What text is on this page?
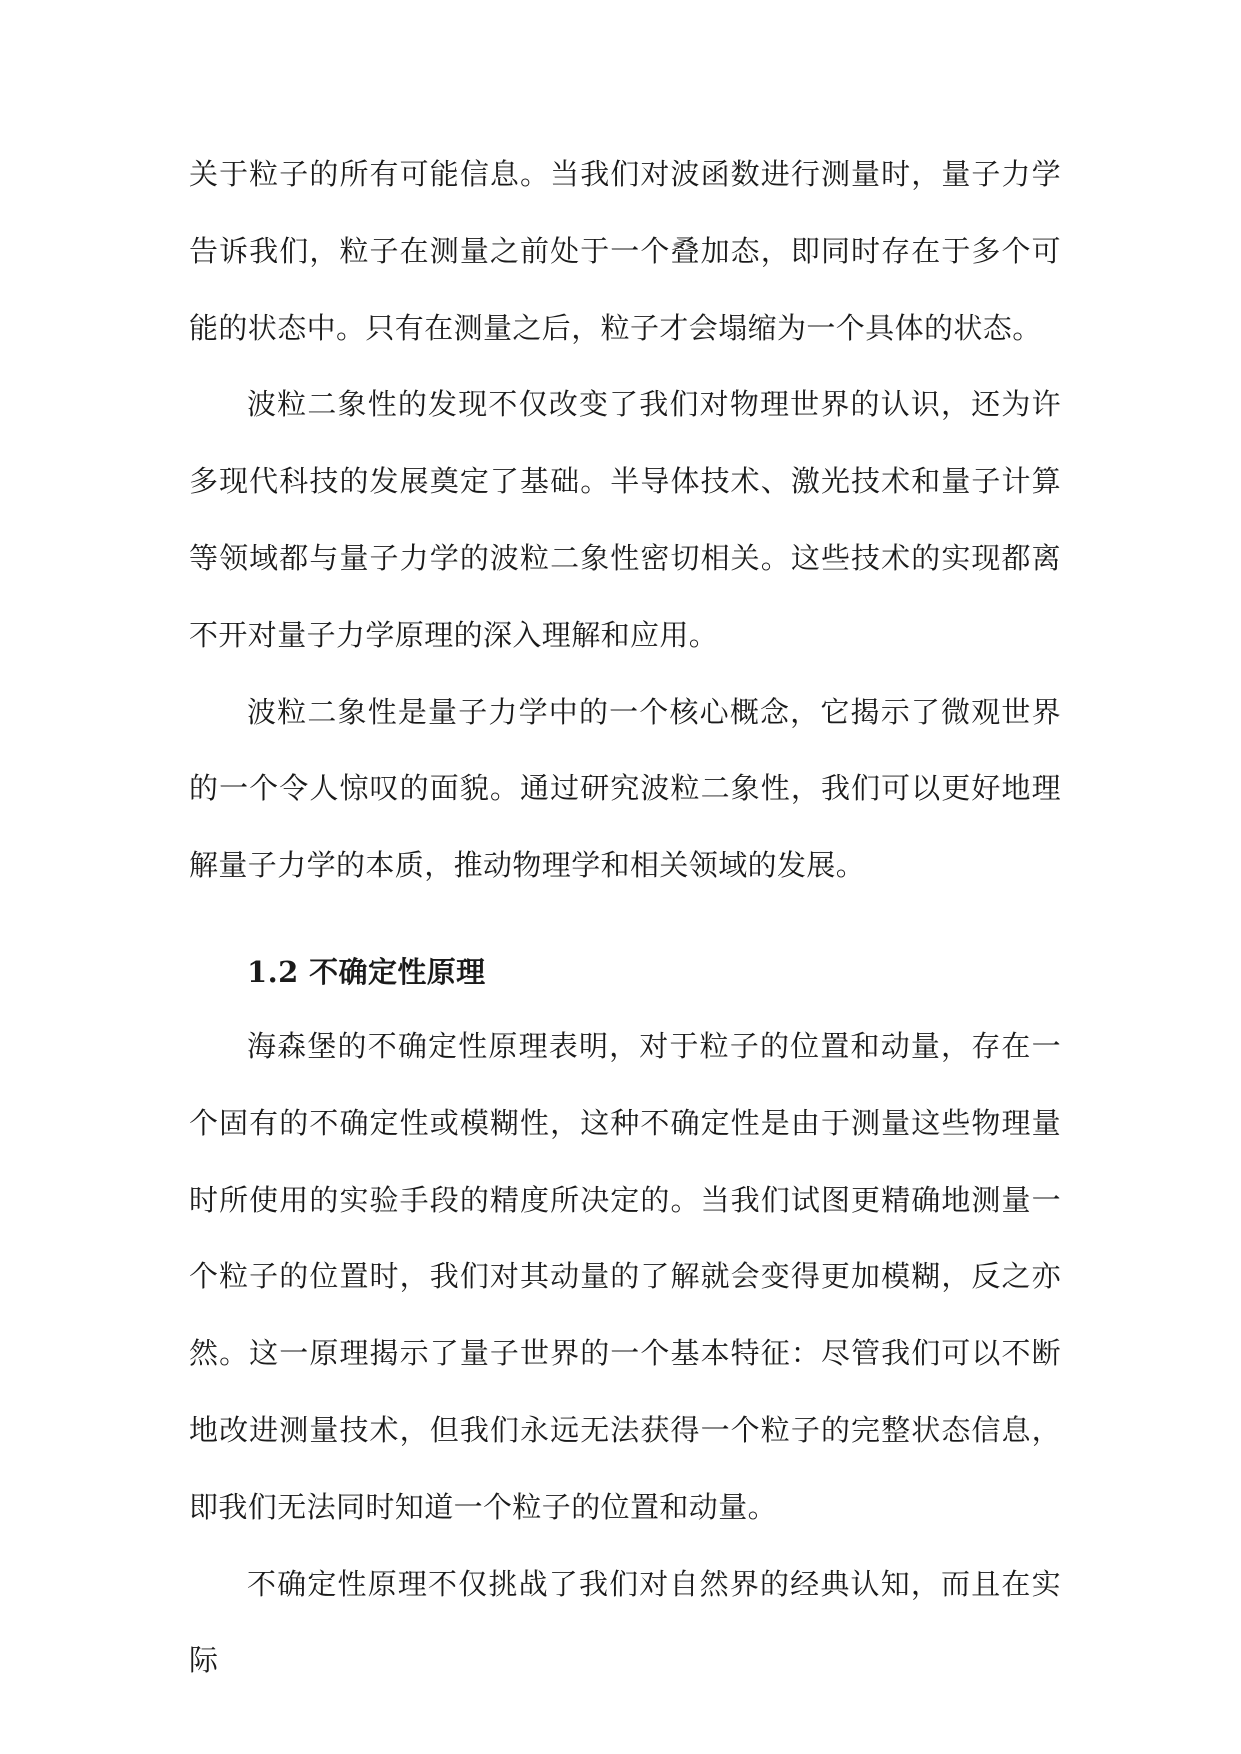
关于粒子的所有可能信息。当我们对波函数进行测量时，量子力学告诉我们，粒子在测量之前处于一个叠加态，即同时存在于多个可能的状态中。只有在测量之后，粒子才会塌缩为一个具体的状态。

波粒二象性的发现不仅改变了我们对物理世界的认识，还为许多现代科技的发展奠定了基础。半导体技术、激光技术和量子计算等领域都与量子力学的波粒二象性密切相关。这些技术的实现都离不开对量子力学原理的深入理解和应用。

波粒二象性是量子力学中的一个核心概念，它揭示了微观世界的一个令人惊叹的面貌。通过研究波粒二象性，我们可以更好地理解量子力学的本质，推动物理学和相关领域的发展。

1.2 不确定性原理

海森堡的不确定性原理表明，对于粒子的位置和动量，存在一个固有的不确定性或模糊性，这种不确定性是由于测量这些物理量时所使用的实验手段的精度所决定的。当我们试图更精确地测量一个粒子的位置时，我们对其动量的了解就会变得更加模糊，反之亦然。这一原理揭示了量子世界的一个基本特征：尽管我们可以不断地改进测量技术，但我们永远无法获得一个粒子的完整状态信息，即我们无法同时知道一个粒子的位置和动量。

不确定性原理不仅挑战了我们对自然界的经典认知，而且在实际
